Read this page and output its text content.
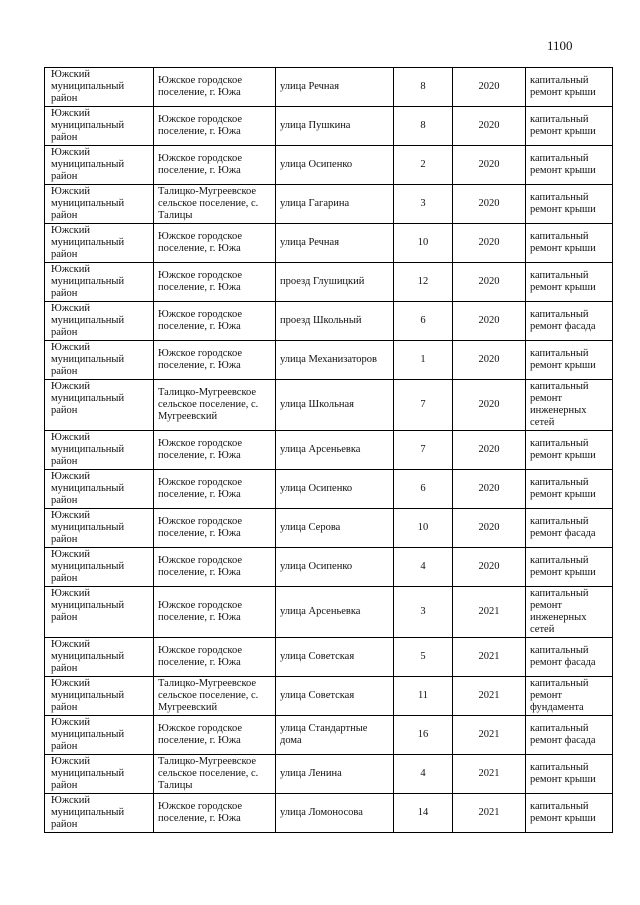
1100
Южский муниципальный район	Южское городское поселение, г. Южа	улица Речная	8	2020	капитальный ремонт крыши
Южский муниципальный район	Южское городское поселение, г. Южа	улица Пушкина	8	2020	капитальный ремонт крыши
Южский муниципальный район	Южское городское поселение, г. Южа	улица Осипенко	2	2020	капитальный ремонт крыши
Южский муниципальный район	Талицко-Мугреевское сельское поселение, с. Талицы	улица Гагарина	3	2020	капитальный ремонт крыши
Южский муниципальный район	Южское городское поселение, г. Южа	улица Речная	10	2020	капитальный ремонт крыши
Южский муниципальный район	Южское городское поселение, г. Южа	проезд Глушицкий	12	2020	капитальный ремонт крыши
Южский муниципальный район	Южское городское поселение, г. Южа	проезд Школьный	6	2020	капитальный ремонт фасада
Южский муниципальный район	Южское городское поселение, г. Южа	улица Механизаторов	1	2020	капитальный ремонт крыши
Южский муниципальный район	Талицко-Мугреевское сельское поселение, с. Мугреевский	улица Школьная	7	2020	капитальный ремонт инженерных сетей
Южский муниципальный район	Южское городское поселение, г. Южа	улица Арсеньевка	7	2020	капитальный ремонт крыши
Южский муниципальный район	Южское городское поселение, г. Южа	улица Осипенко	6	2020	капитальный ремонт крыши
Южский муниципальный район	Южское городское поселение, г. Южа	улица Серова	10	2020	капитальный ремонт фасада
Южский муниципальный район	Южское городское поселение, г. Южа	улица Осипенко	4	2020	капитальный ремонт крыши
Южский муниципальный район	Южское городское поселение, г. Южа	улица Арсеньевка	3	2021	капитальный ремонт инженерных сетей
Южский муниципальный район	Южское городское поселение, г. Южа	улица Советская	5	2021	капитальный ремонт фасада
Южский муниципальный район	Талицко-Мугреевское сельское поселение, с. Мугреевский	улица Советская	11	2021	капитальный ремонт фундамента
Южский муниципальный район	Южское городское поселение, г. Южа	улица Стандартные дома	16	2021	капитальный ремонт фасада
Южский муниципальный район	Талицко-Мугреевское сельское поселение, с. Талицы	улица Ленина	4	2021	капитальный ремонт крыши
Южский муниципальный район	Южское городское поселение, г. Южа	улица Ломоносова	14	2021	капитальный ремонт крыши
